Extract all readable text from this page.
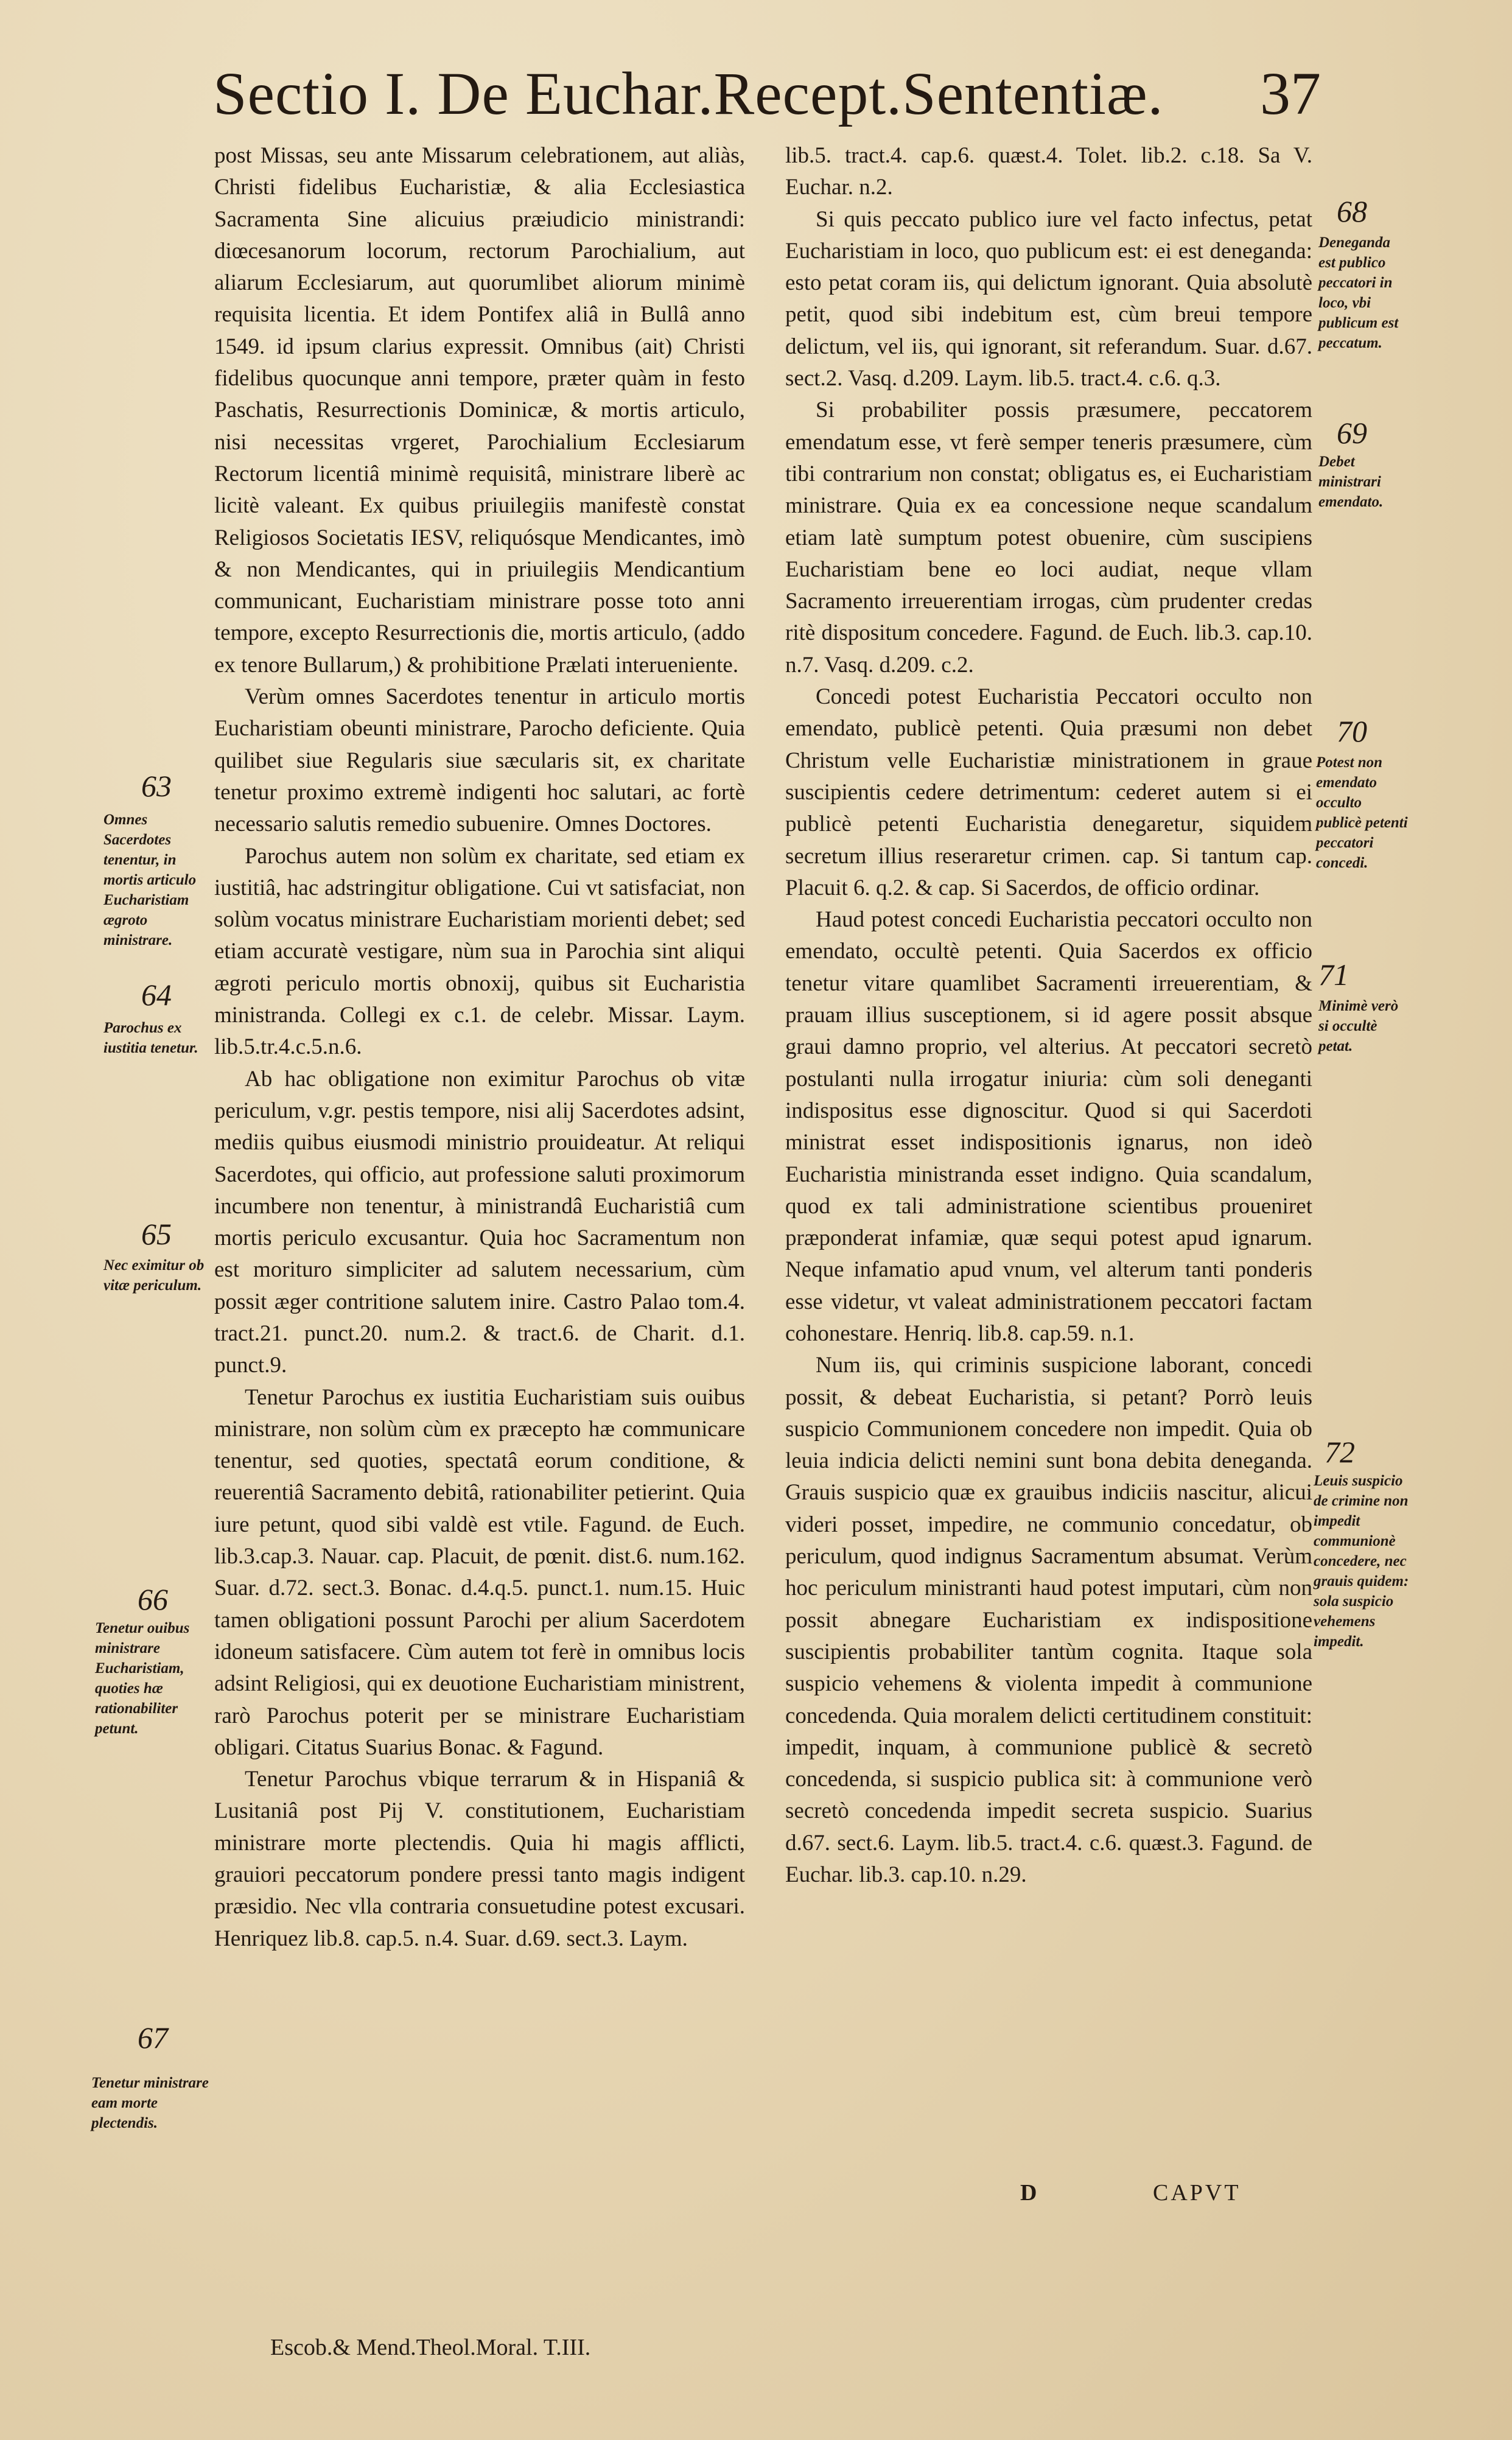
Sectio I. De Euchar.Recept.Sententiæ. 37

post Missas, seu ante Missarum celebrationem, aut aliàs, Christi fidelibus Eucharistiæ, & alia Ecclesiastica Sacramenta Sine alicuius præiudicio ministrandi: diœcesanorum locorum, rectorum Parochialium, aut aliarum Ecclesiarum, aut quorumlibet aliorum minimè requisita licentia. Et idem Pontifex aliâ in Bullâ anno 1549. id ipsum clarius expressit. Omnibus (ait) Christi fidelibus quocunque anni tempore, præter quàm in festo Paschatis, Resurrectionis Dominicæ, & mortis articulo, nisi necessitas vrgeret, Parochialium Ecclesiarum Rectorum licentiâ minimè requisitâ, ministrare liberè ac licitè valeant. Ex quibus priuilegiis manifestè constat Religiosos Societatis IESV, reliquósque Mendicantes, imò & non Mendicantes, qui in priuilegiis Mendicantium communicant, Eucharistiam ministrare posse toto anni tempore, excepto Resurrectionis die, mortis articulo, (addo ex tenore Bullarum,) & prohibitione Prælati interueniente.

Verùm omnes Sacerdotes tenentur in articulo mortis Eucharistiam obeunti ministrare, Parocho deficiente. Quia quilibet siue Regularis siue sæcularis sit, ex charitate tenetur proximo extremè indigenti hoc salutari, ac fortè necessario salutis remedio subuenire. Omnes Doctores.

Parochus autem non solùm ex charitate, sed etiam ex iustitiâ, hac adstringitur obligatione. Cui vt satisfaciat, non solùm vocatus ministrare Eucharistiam morienti debet; sed etiam accuratè vestigare, nùm sua in Parochia sint aliqui ægroti periculo mortis obnoxij, quibus sit Eucharistia ministranda. Collegi ex c.1. de celebr. Missar. Laym. lib.5.tr.4.c.5.n.6.

Ab hac obligatione non eximitur Parochus ob vitæ periculum, v.gr. pestis tempore, nisi alij Sacerdotes adsint, mediis quibus eiusmodi ministrio prouideatur. At reliqui Sacerdotes, qui officio, aut professione saluti proximorum incumbere non tenentur, à ministrandâ Eucharistiâ cum mortis periculo excusantur. Quia hoc Sacramentum non est morituro simpliciter ad salutem necessarium, cùm possit æger contritione salutem inire. Castro Palao tom.4. tract.21. punct.20. num.2. & tract.6. de Charit. d.1. punct.9.

Tenetur Parochus ex iustitia Eucharistiam suis ouibus ministrare, non solùm cùm ex præcepto hæ communicare tenentur, sed quoties, spectatâ eorum conditione, & reuerentiâ Sacramento debitâ, rationabiliter petierint. Quia iure petunt, quod sibi valdè est vtile. Fagund. de Euch. lib.3.cap.3. Nauar. cap. Placuit, de pœnit. dist.6. num.162. Suar. d.72. sect.3. Bonac. d.4.q.5. punct.1. num.15. Huic tamen obligationi possunt Parochi per alium Sacerdotem idoneum satisfacere. Cùm autem tot ferè in omnibus locis adsint Religiosi, qui ex deuotione Eucharistiam ministrent, rarò Parochus poterit per se ministrare Eucharistiam obligari. Citatus Suarius Bonac. & Fagund.

Tenetur Parochus vbique terrarum & in Hispaniâ & Lusitaniâ post Pij V. constitutionem, Eucharistiam ministrare morte plectendis. Quia hi magis afflicti, grauiori peccatorum pondere pressi tanto magis indigent præsidio. Nec vlla contraria consuetudine potest excusari. Henriquez lib.8. cap.5. n.4. Suar. d.69. sect.3. Laym.

lib.5. tract.4. cap.6. quæst.4. Tolet. lib.2. c.18. Sa V. Euchar. n.2.

Si quis peccato publico iure vel facto infectus, petat Eucharistiam in loco, quo publicum est: ei est deneganda: esto petat coram iis, qui delictum ignorant. Quia absolutè petit, quod sibi indebitum est, cùm breui tempore delictum, vel iis, qui ignorant, sit referandum. Suar. d.67. sect.2. Vasq. d.209. Laym. lib.5. tract.4. c.6. q.3.

Si probabiliter possis præsumere, peccatorem emendatum esse, vt ferè semper teneris præsumere, cùm tibi contrarium non constat; obligatus es, ei Eucharistiam ministrare. Quia ex ea concessione neque scandalum etiam latè sumptum potest obuenire, cùm suscipiens Eucharistiam bene eo loci audiat, neque vllam Sacramento irreuerentiam irrogas, cùm prudenter credas ritè dispositum concedere. Fagund. de Euch. lib.3. cap.10. n.7. Vasq. d.209. c.2.

Concedi potest Eucharistia Peccatori occulto non emendato, publicè petenti. Quia præsumi non debet Christum velle Eucharistiæ ministrationem in graue suscipientis cedere detrimentum: cederet autem si ei publicè petenti Eucharistia denegaretur, siquidem secretum illius reseraretur crimen. cap. Si tantum cap. Placuit 6. q.2. & cap. Si Sacerdos, de officio ordinar.

Haud potest concedi Eucharistia peccatori occulto non emendato, occultè petenti. Quia Sacerdos ex officio tenetur vitare quamlibet Sacramenti irreuerentiam, & prauam illius susceptionem, si id agere possit absque graui damno proprio, vel alterius. At peccatori secretò postulanti nulla irrogatur iniuria: cùm soli deneganti indispositus esse dignoscitur. Quod si qui Sacerdoti ministrat esset indispositionis ignarus, non ideò Eucharistia ministranda esset indigno. Quia scandalum, quod ex tali administratione scientibus proueniret præponderat infamiæ, quæ sequi potest apud ignarum. Neque infamatio apud vnum, vel alterum tanti ponderis esse videtur, vt valeat administrationem peccatori factam cohonestare. Henriq. lib.8. cap.59. n.1.

Num iis, qui criminis suspicione laborant, concedi possit, & debeat Eucharistia, si petant? Porrò leuis suspicio Communionem concedere non impedit. Quia ob leuia indicia delicti nemini sunt bona debita deneganda. Grauis suspicio quæ ex grauibus indiciis nascitur, alicui videri posset, impedire, ne communio concedatur, ob periculum, quod indignus Sacramentum absumat. Verùm hoc periculum ministranti haud potest imputari, cùm non possit abnegare Eucharistiam ex indispositione suscipientis probabiliter tantùm cognita. Itaque sola suspicio vehemens & violenta impedit à communione concedenda. Quia moralem delicti certitudinem constituit: impedit, inquam, à communione publicè & secretò concedenda, si suspicio publica sit: à communione verò secretò concedenda impedit secreta suspicio. Suarius d.67. sect.6. Laym. lib.5. tract.4. c.6. quæst.3. Fagund. de Euchar. lib.3. cap.10. n.29.

63
64
65
66
67
68
69
70
71
72
Omnes Sacerdotes tenentur, in mortis articulo Eucharistiam ægroto ministrare.
Parochus ex iustitia tenetur.
Nec eximitur ob vitæ periculum.
Tenetur ouibus ministrare Eucharistiam, quoties hæ rationabiliter petunt.
Tenetur ministrare eam morte plectendis.
Deneganda est publico peccatori in loco, vbi publicum est peccatum.
Debet ministrari emendato.
Potest non emendato occulto publicè petenti peccatori concedi.
Minimè verò si occultè petat.
Leuis suspicio de crimine non impedit communionè concedere, nec grauis quidem: sola suspicio vehemens impedit.
Escob.& Mend.Theol.Moral. T.III.
D	CAPVT
